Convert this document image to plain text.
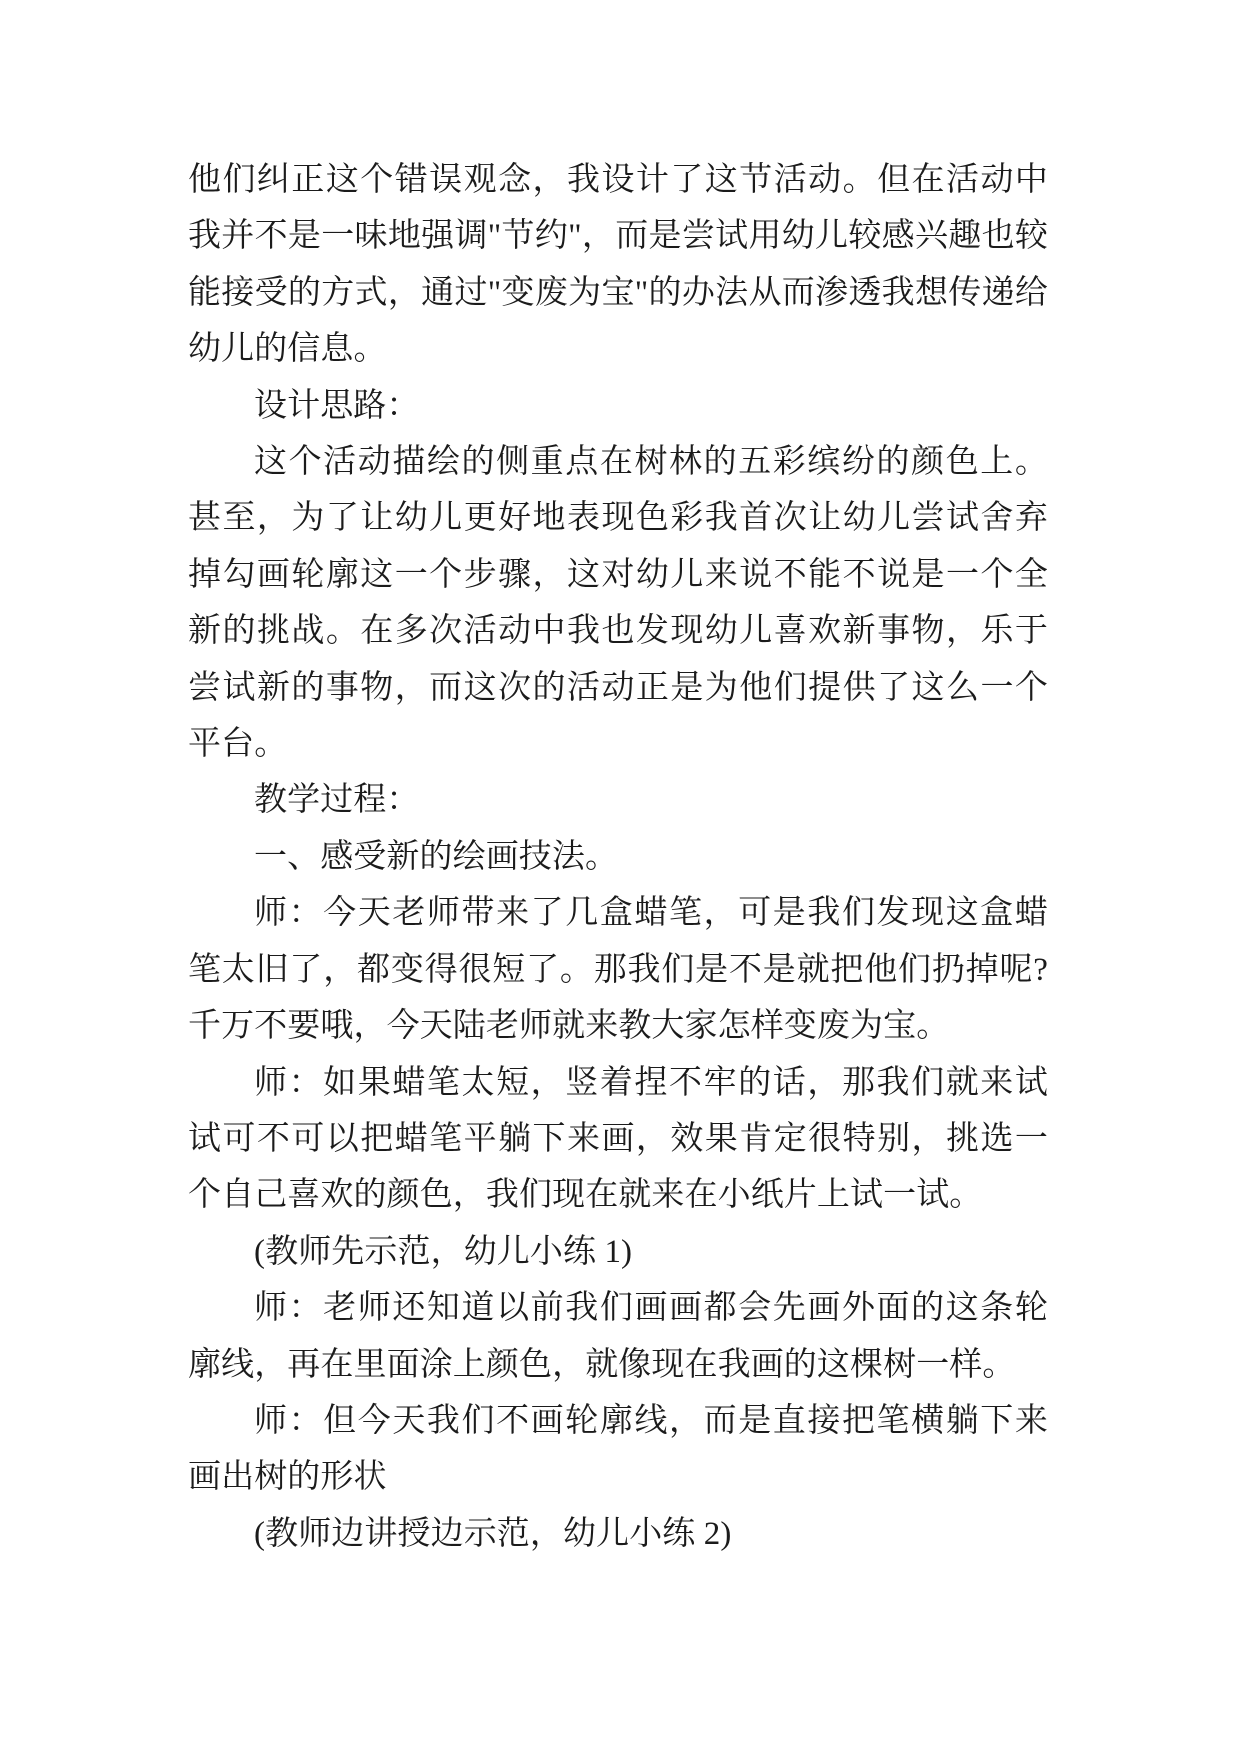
他们纠正这个错误观念，我设计了这节活动。但在活动中我并不是一味地强调"节约"，而是尝试用幼儿较感兴趣也较能接受的方式，通过"变废为宝"的办法从而渗透我想传递给幼儿的信息。

设计思路：

这个活动描绘的侧重点在树林的五彩缤纷的颜色上。甚至，为了让幼儿更好地表现色彩我首次让幼儿尝试舍弃掉勾画轮廓这一个步骤，这对幼儿来说不能不说是一个全新的挑战。在多次活动中我也发现幼儿喜欢新事物，乐于尝试新的事物，而这次的活动正是为他们提供了这么一个平台。

教学过程：

一、感受新的绘画技法。

师：今天老师带来了几盒蜡笔，可是我们发现这盒蜡笔太旧了，都变得很短了。那我们是不是就把他们扔掉呢?千万不要哦，今天陆老师就来教大家怎样变废为宝。

师：如果蜡笔太短，竖着捏不牢的话，那我们就来试试可不可以把蜡笔平躺下来画，效果肯定很特别，挑选一个自己喜欢的颜色，我们现在就来在小纸片上试一试。

(教师先示范，幼儿小练 1)

师：老师还知道以前我们画画都会先画外面的这条轮廓线，再在里面涂上颜色，就像现在我画的这棵树一样。

师：但今天我们不画轮廓线，而是直接把笔横躺下来画出树的形状

(教师边讲授边示范，幼儿小练 2)
